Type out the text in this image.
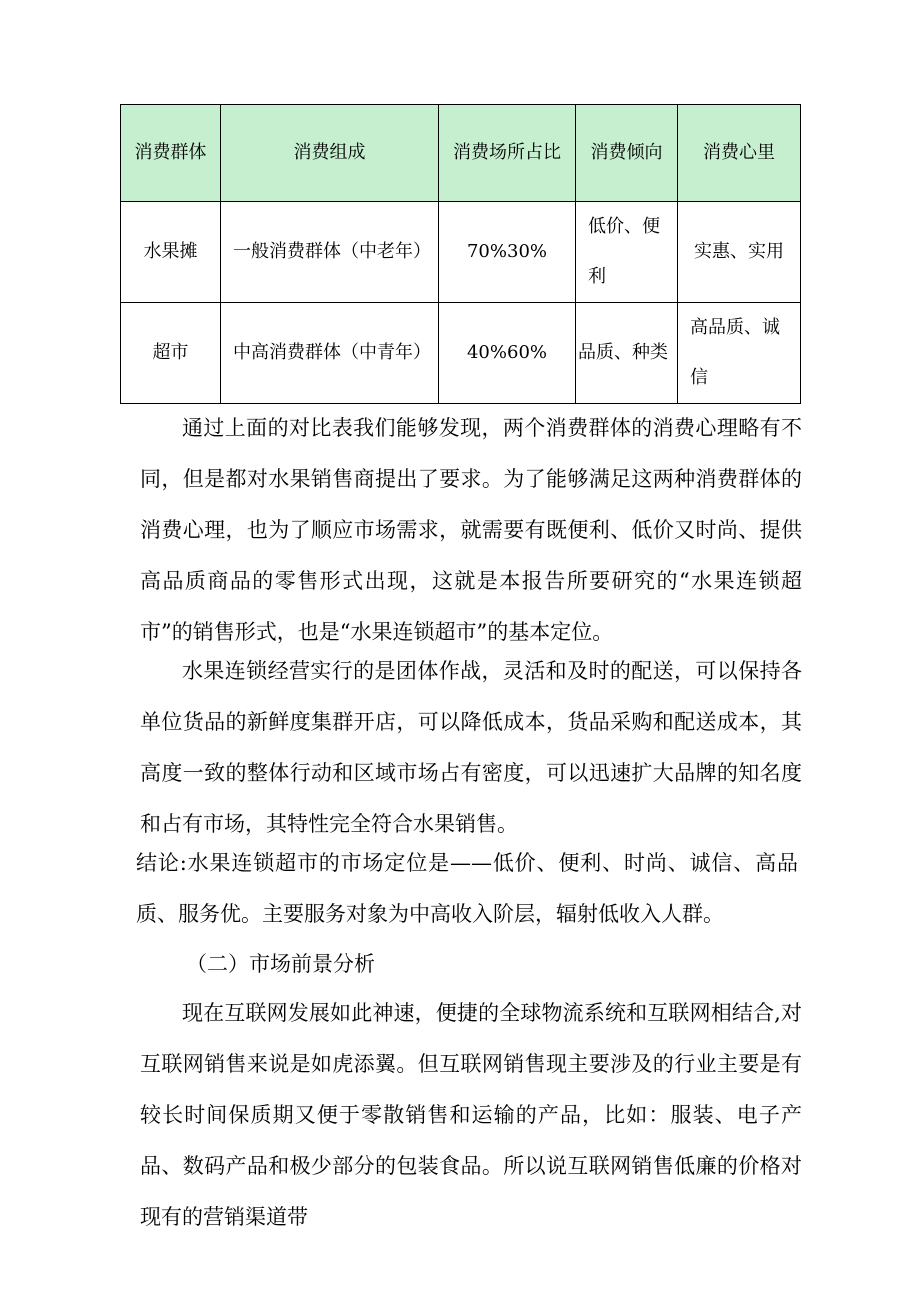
消费群体	消费组成	消费场所占比	消费倾向	消费心里
水果摊	一般消费群体（中老年）	70%30%	低价、便利	实惠、实用
超市	中高消费群体（中青年）	40%60%	品质、种类	高品质、诚信

通过上面的对比表我们能够发现，两个消费群体的消费心理略有不同，但是都对水果销售商提出了要求。为了能够满足这两种消费群体的消费心理，也为了顺应市场需求，就需要有既便利、低价又时尚、提供高品质商品的零售形式出现，这就是本报告所要研究的“水果连锁超市”的销售形式，也是“水果连锁超市”的基本定位。

水果连锁经营实行的是团体作战，灵活和及时的配送，可以保持各单位货品的新鲜度集群开店，可以降低成本，货品采购和配送成本，其高度一致的整体行动和区域市场占有密度，可以迅速扩大品牌的知名度和占有市场，其特性完全符合水果销售。

结论:水果连锁超市的市场定位是——低价、便利、时尚、诚信、高品质、服务优。主要服务对象为中高收入阶层，辐射低收入人群。

（二）市场前景分析

现在互联网发展如此神速，便捷的全球物流系统和互联网相结合,对互联网销售来说是如虎添翼。但互联网销售现主要涉及的行业主要是有较长时间保质期又便于零散销售和运输的产品，比如：服装、电子产品、数码产品和极少部分的包装食品。所以说互联网销售低廉的价格对现有的营销渠道带
